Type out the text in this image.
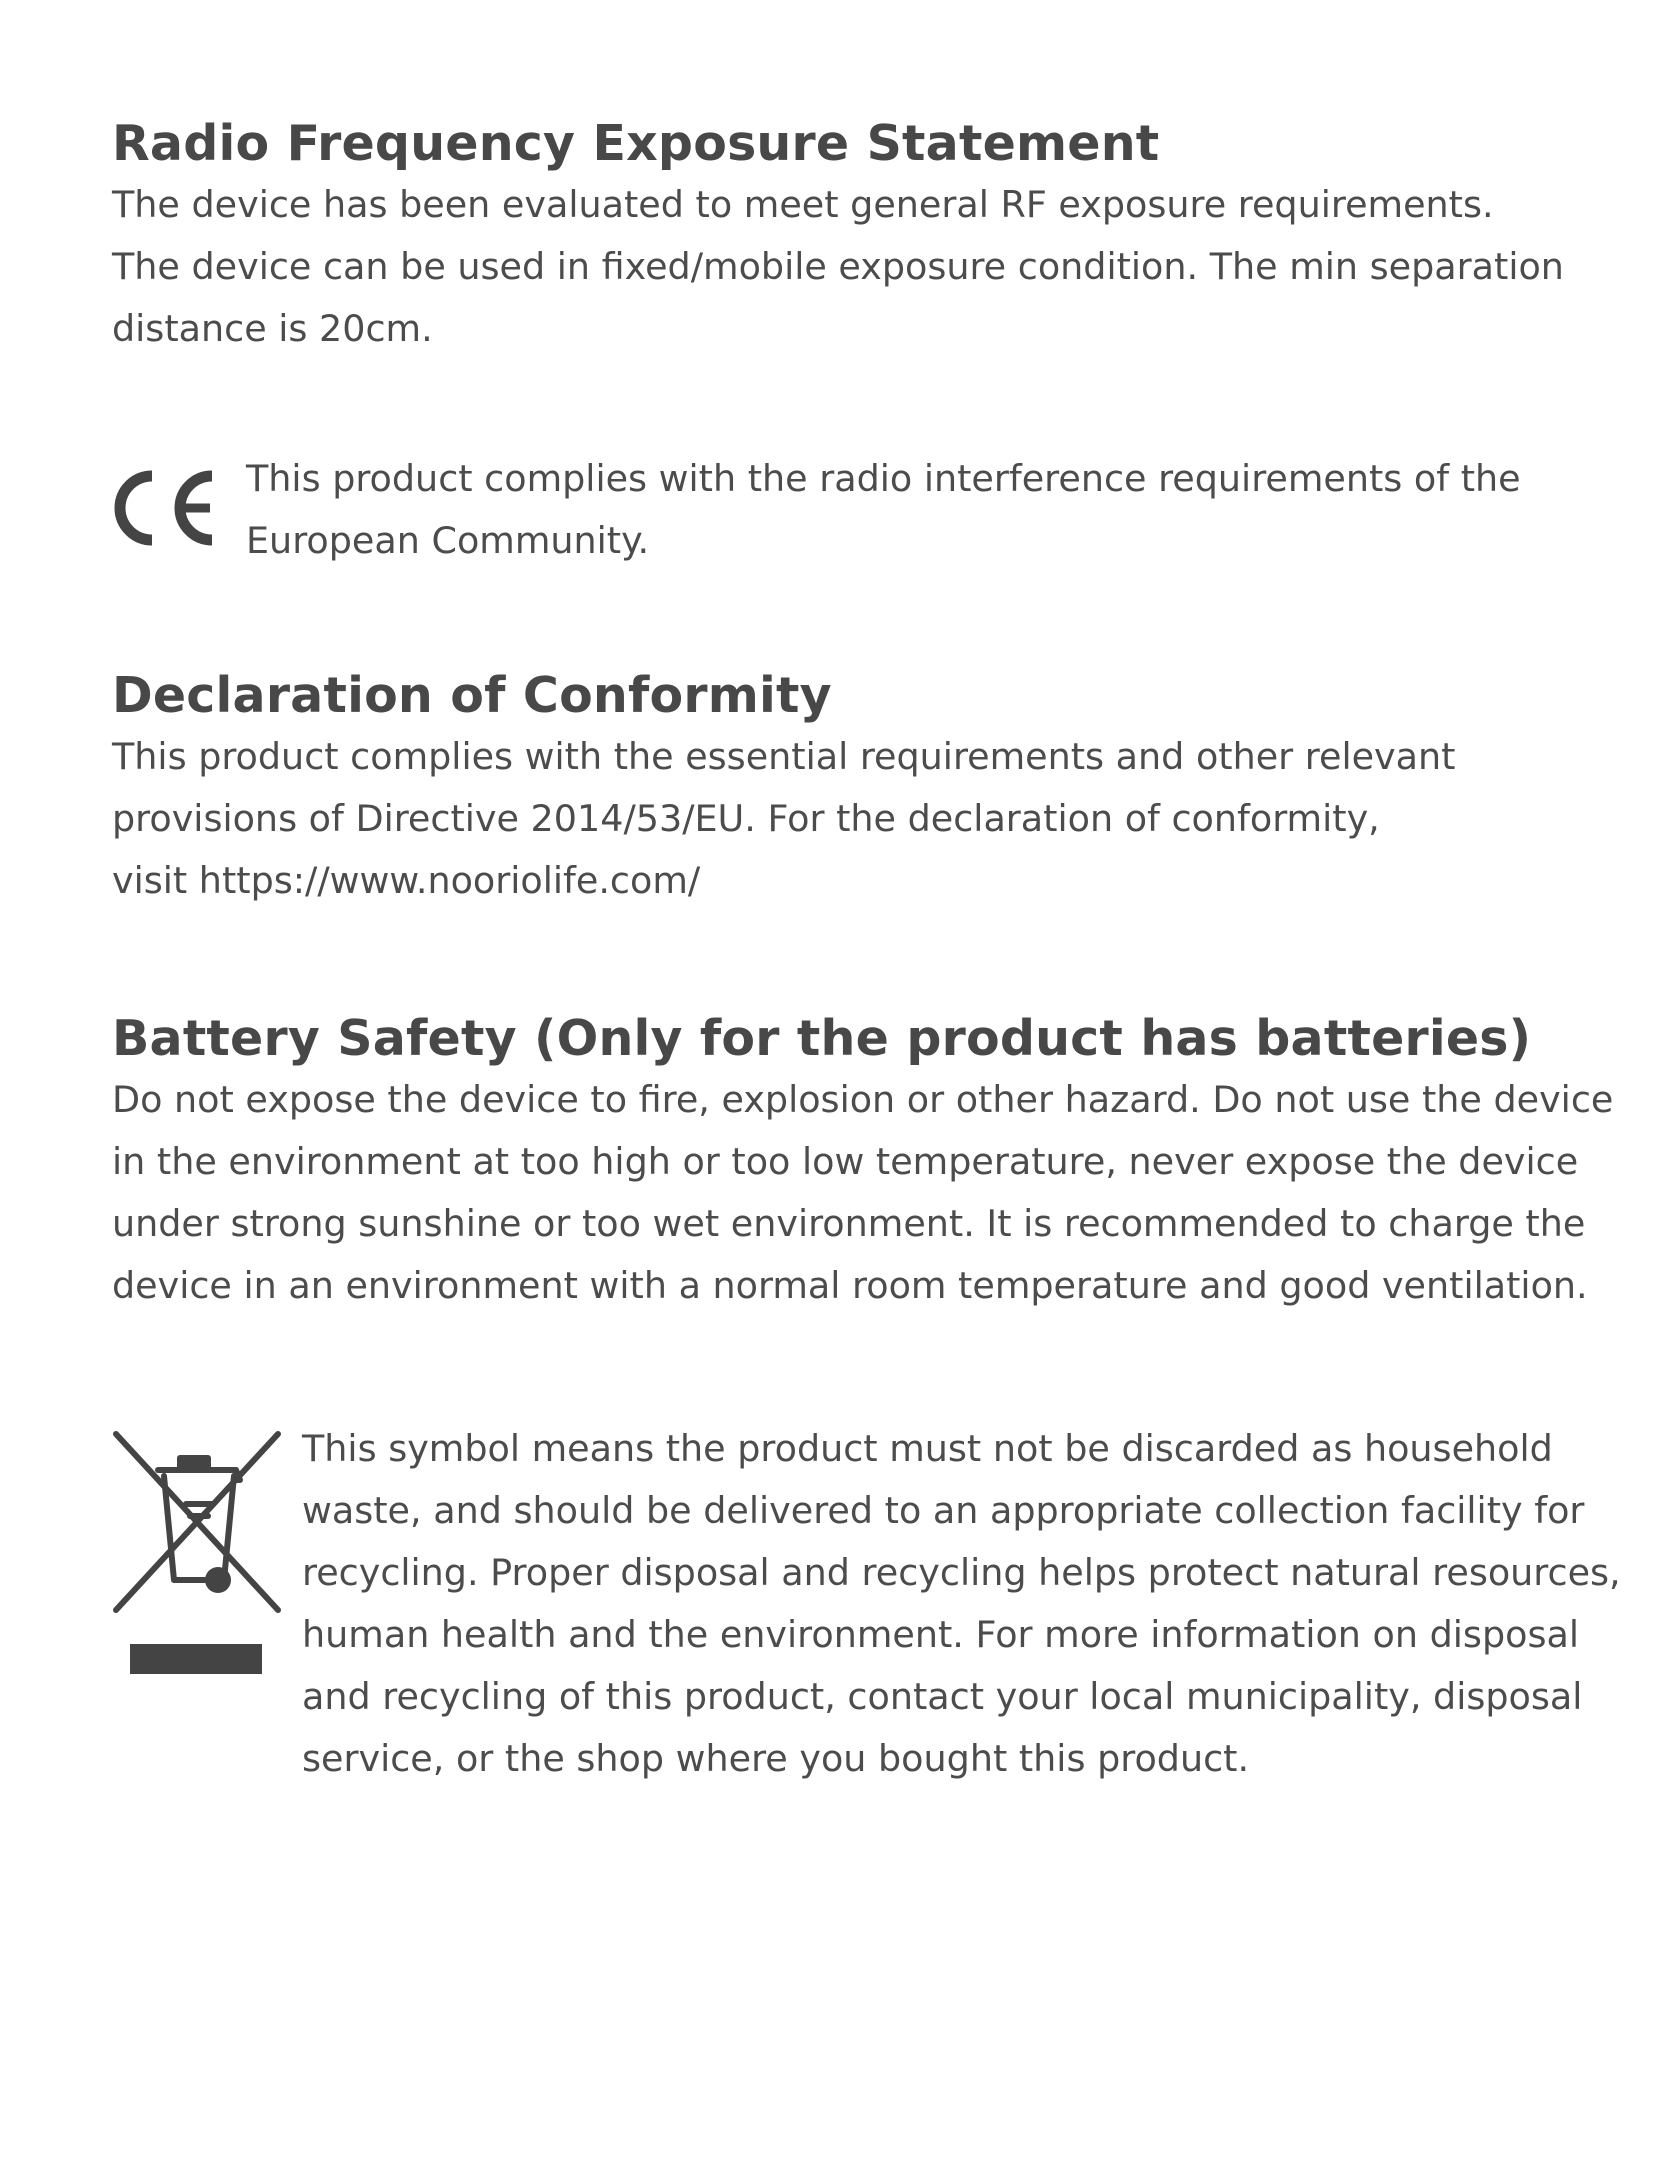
Radio Frequency Exposure Statement

The device has been evaluated to meet general RF exposure requirements.

The device can be used in fixed/mobile exposure condition. The min separation

distance is 20cm.

This product complies with the radio interference requirements of the

European Community.

Declaration of Conformity

This product complies with the essential requirements and other relevant

provisions of Directive 2014/53/EU. For the declaration of conformity,

visit https://www.nooriolife.com/

Battery Safety (Only for the product has batteries)

Do not expose the device to fire, explosion or other hazard. Do not use the device

in the environment at too high or too low temperature, never expose the device

under strong sunshine or too wet environment. It is recommended to charge the

device in an environment with a normal room temperature and good ventilation.

This symbol means the product must not be discarded as household

waste, and should be delivered to an appropriate collection facility for

recycling. Proper disposal and recycling helps protect natural resources,

human health and the environment. For more information on disposal

and recycling of this product, contact your local municipality, disposal

service, or the shop where you bought this product.
